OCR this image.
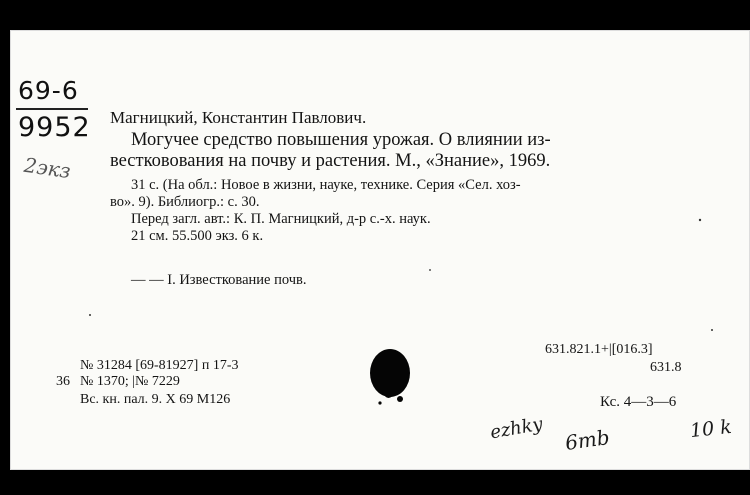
69-6
9952
2экз
Магницкий, Константин Павлович.
Могучее средство повышения урожая. О влиянии из-
вестковования на почву и растения. М., «Знание», 1969.
31 с. (На обл.: Новое в жизни, науке, технике. Серия «Сел. хоз-
во». 9). Библиогр.: с. 30.
Перед загл. авт.: К. П. Магницкий, д-р с.-х. наук.
21 см. 55.500 экз. 6 к.
— — I. Известкование почв.
№ 31284 [69-81927] п 17-3
36 № 1370; |№ 7229
Вс. кн. пал. 9. X 69 М126
631.821.1+|[016.3]
631.8
Кс. 4—3—6
ezhky 6mb	10 k
